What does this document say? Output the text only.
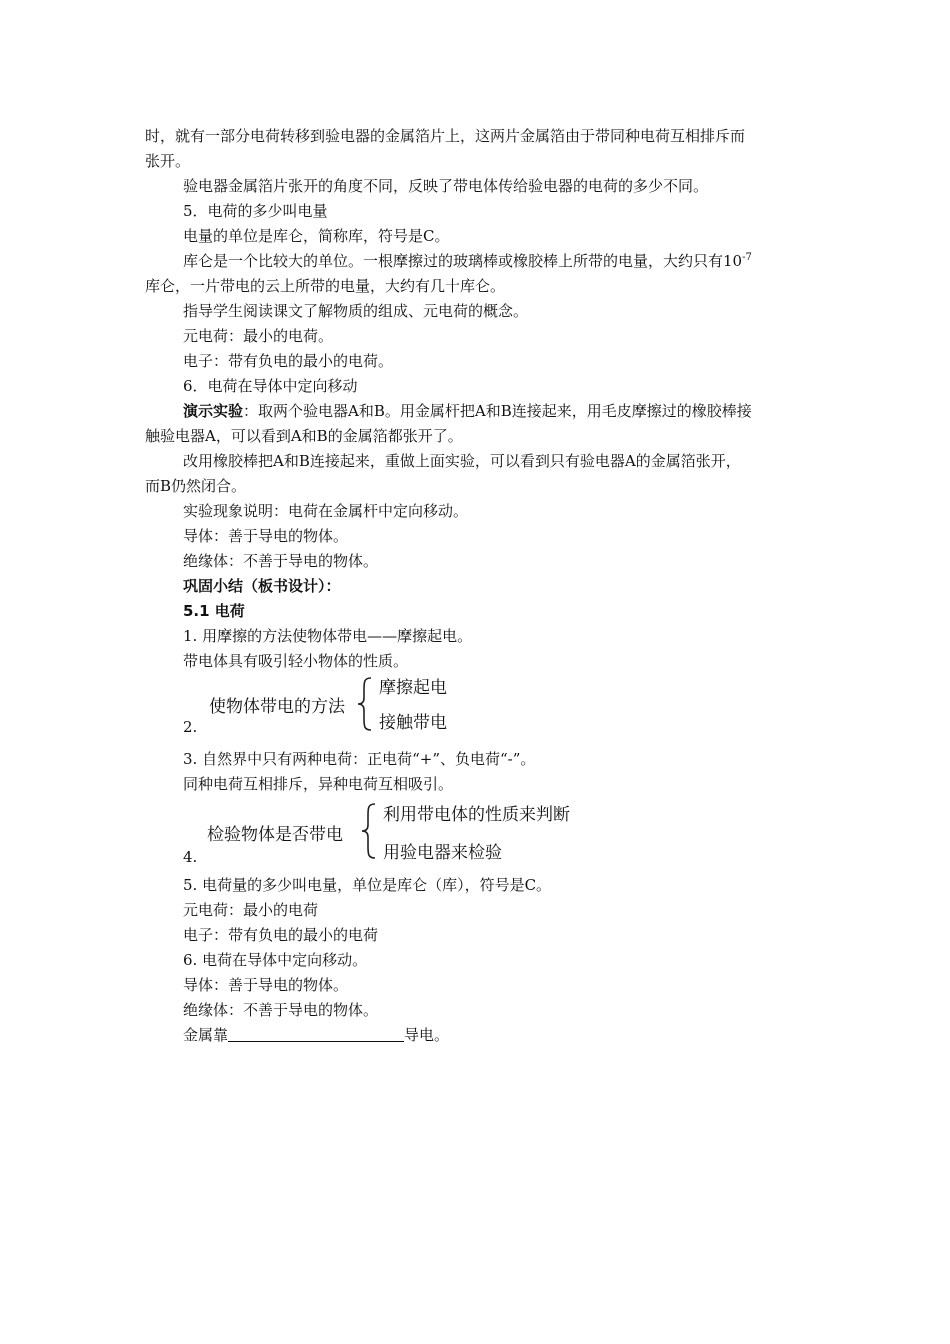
时，就有一部分电荷转移到验电器的金属箔片上，这两片金属箔由于带同种电荷互相排斥而
张开。
验电器金属箔片张开的角度不同，反映了带电体传给验电器的电荷的多少不同。
5．电荷的多少叫电量
电量的单位是库仑，简称库，符号是C。
库仑是一个比较大的单位。一根摩擦过的玻璃棒或橡胶棒上所带的电量，大约只有$10^{-7}$
库仑，一片带电的云上所带的电量，大约有几十库仑。
指导学生阅读课文了解物质的组成、元电荷的概念。
元电荷：最小的电荷。
电子：带有负电的最小的电荷。
6．电荷在导体中定向移动
演示实验：取两个验电器A和B。用金属杆把A和B连接起来，用毛皮摩擦过的橡胶棒接
触验电器A，可以看到A和B的金属箔都张开了。
改用橡胶棒把A和B连接起来，重做上面实验，可以看到只有验电器A的金属箔张开，
而B仍然闭合。
实验现象说明：电荷在金属杆中定向移动。
导体：善于导电的物体。
绝缘体：不善于导电的物体。
巩固小结（板书设计）：
5.1 电荷
1. 用摩擦的方法使物体带电——摩擦起电。
带电体具有吸引轻小物体的性质。
2.
使物体带电的方法
摩擦起电
接触带电
3. 自然界中只有两种电荷：正电荷“+”、负电荷“-”。
同种电荷互相排斥，异种电荷互相吸引。
4.
检验物体是否带电
利用带电体的性质来判断
用验电器来检验
5. 电荷量的多少叫电量，单位是库仑（库），符号是C。
元电荷：最小的电荷
电子：带有负电的最小的电荷
6. 电荷在导体中定向移动。
导体：善于导电的物体。
绝缘体：不善于导电的物体。
金属靠	导电。
